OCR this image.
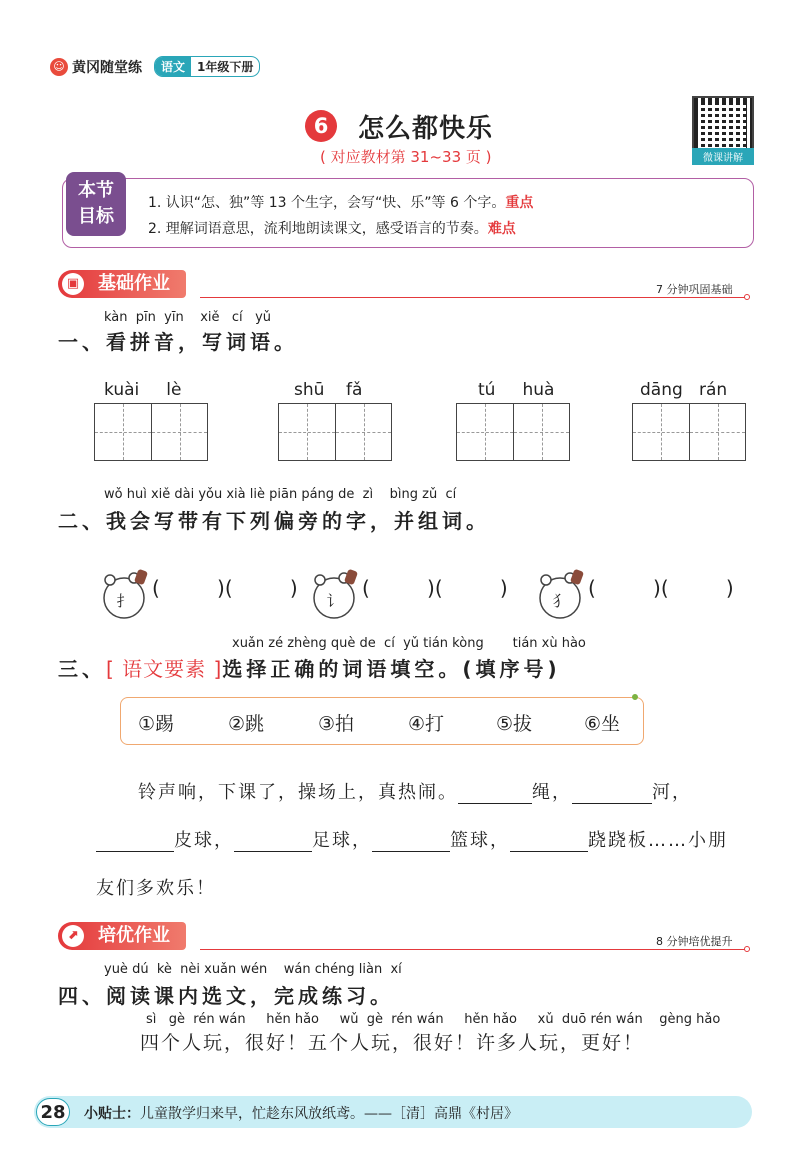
☺ 黄冈随堂练	语文	1年级下册
6	怎么都快乐
( 对应教材第 31~33 页 )	微课讲解
本节
目标
1. 认识“怎、独”等 13 个生字，会写“快、乐”等 6 个字。重点
2. 理解词语意思，流利地朗读课文，感受语言的节奏。难点
▣ 基础作业	7 分钟巩固基础
kàn  pīn  yīn    xiě   cí   yǔ
一、看拼音，写词语。
kuài     lè	shū    fǎ	tú     huà	dāng   rán
wǒ huì xiě dài yǒu xià liè piān páng de  zì    bìng zǔ  cí
二、我会写带有下列偏旁的字，并组词。
扌
(         )(         )
讠
(         )(         )
犭
(         )(         )
xuǎn zé zhèng què de  cí  yǔ tián kòng       tián xù hào
三、[ 语文要素 ]选择正确的词语填空。(填序号)
①踢	②跳	③拍	④打	⑤拔	⑥坐
铃声响，下课了，操场上，真热闹。	绳，	河，
皮球，	足球，	篮球，	跷跷板……小朋
友们多欢乐！
⬈	培优作业	8 分钟培优提升
yuè dú  kè  nèi xuǎn wén    wán chéng liàn  xí
四、阅读课内选文，完成练习。
sì   gè  rén wán     hěn hǎo     wǔ  gè  rén wán     hěn hǎo     xǔ  duō rén wán    gèng hǎo
四个人玩，很好！五个人玩，很好！许多人玩，更好！
28	小贴士：儿童散学归来早，忙趁东风放纸鸢。——［清］高鼎《村居》
